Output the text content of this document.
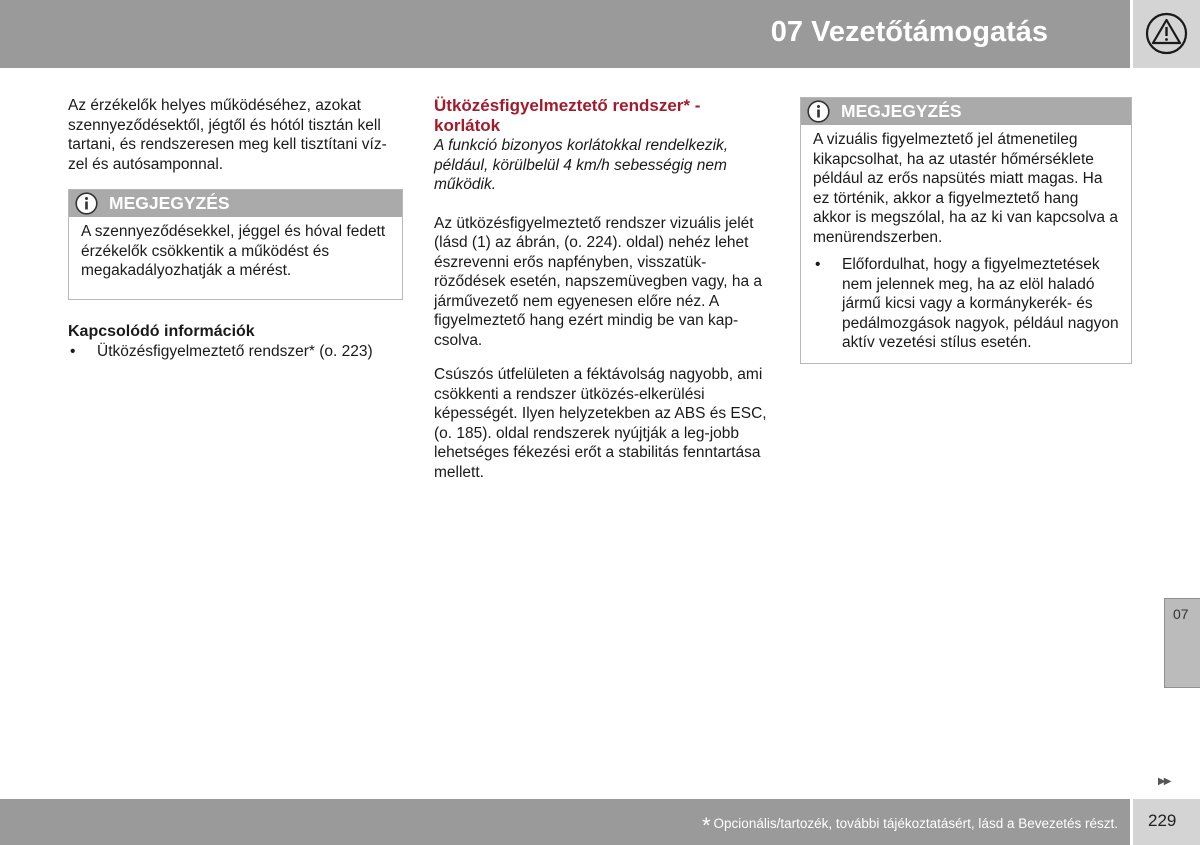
07 Vezetőtámogatás

Az érzékelők helyes működéséhez, azokat szennyeződésektől, jégtől és hótól tisztán kell tartani, és rendszeresen meg kell tisztítani víz-zel és autósamponnal.

MEGJEGYZÉS

A szennyeződésekkel, jéggel és hóval fedett érzékelők csökkentik a működést és megakadályozhatják a mérést.

Kapcsolódó információk
• Ütközésfigyelmeztető rendszer* (o. 223)
Ütközésfigyelmeztető rendszer* - korlátok

A funkció bizonyos korlátokkal rendelkezik, például, körülbelül 4 km/h sebességig nem működik.

Az ütközésfigyelmeztető rendszer vizuális jelét (lásd (1) az ábrán, (o. 224). oldal) nehéz lehet észrevenni erős napfényben, visszatük-röződések esetén, napszemüvegben vagy, ha a járművezető nem egyenesen előre néz. A figyelmeztető hang ezért mindig be van kap-csolva.

Csúszós útfelületen a féktávolság nagyobb, ami csökkenti a rendszer ütközés-elkerülési képességét. Ilyen helyzetekben az ABS és ESC, (o. 185). oldal rendszerek nyújtják a leg-jobb lehetséges fékezési erőt a stabilitás fenntartása mellett.

MEGJEGYZÉS

A vizuális figyelmeztető jel átmenetileg kikapcsolhat, ha az utastér hőmérséklete például az erős napsütés miatt magas. Ha ez történik, akkor a figyelmeztető hang akkor is megszólal, ha az ki van kapcsolva a menürendszerben.

• Előfordulhat, hogy a figyelmeztetések nem jelennek meg, ha az elöl haladó jármű kicsi vagy a kormánykerék- és pedálmozgások nagyok, például nagyon aktív vezetési stílus esetén.
07
▶▶
* Opcionális/tartozék, további tájékoztatásért, lásd a Bevezetés részt. 229
